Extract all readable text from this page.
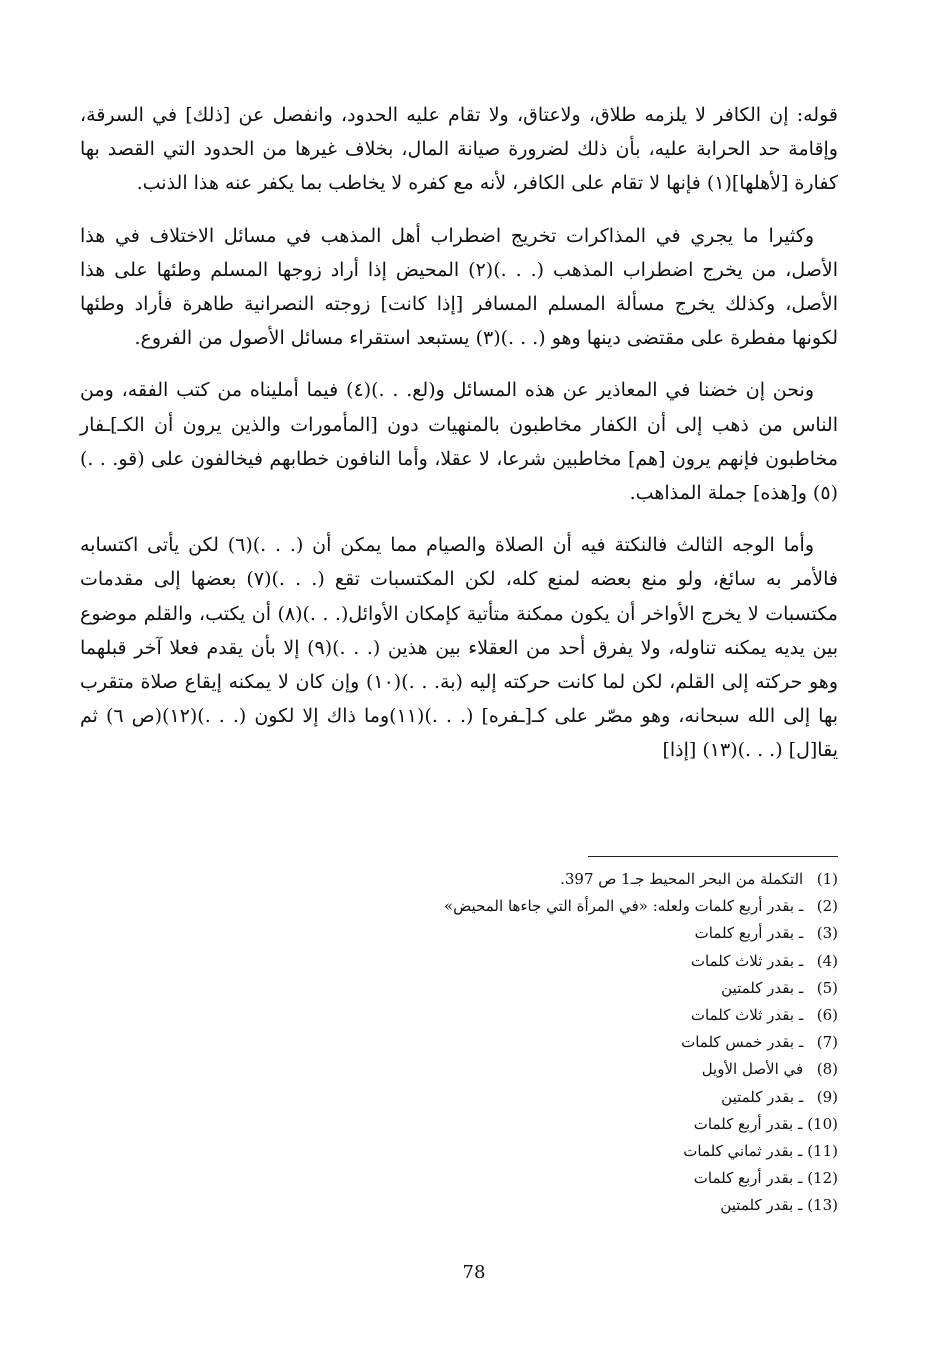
قوله: إن الكافر لا يلزمه طلاق، ولاعتاق، ولا تقام عليه الحدود، وانفصل عن [ذلك] في السرقة، وإقامة حد الحرابة عليه، بأن ذلك لضرورة صيانة المال، بخلاف غيرها من الحدود التي القصد بها كفارة [لأهلها](١) فإنها لا تقام على الكافر، لأنه مع كفره لا يخاطب بما يكفر عنه هذا الذنب.

وكثيرا ما يجري في المذاكرات تخريج اضطراب أهل المذهب في مسائل الاختلاف في هذا الأصل، من يخرج اضطراب المذهب (. . .)(٢) المحيض إذا أراد زوجها المسلم وطئها على هذا الأصل، وكذلك يخرج مسألة المسلم المسافر [إذا كانت] زوجته النصرانية طاهرة فأراد وطئها لكونها مفطرة على مقتضى دينها وهو (. . .)(٣) يستبعد استقراء مسائل الأصول من الفروع.

ونحن إن خضنا في المعاذير عن هذه المسائل و(لع. . .)(٤) فيما أمليناه من كتب الفقه، ومن الناس من ذهب إلى أن الكفار مخاطبون بالمنهيات دون [المأمورات والذين يرون أن الكـ]ـفار مخاطبون فإنهم يرون [هم] مخاطبين شرعا، لا عقلا، وأما النافون خطابهم فيخالفون على (قو. . .) (٥) و[هذه] جملة المذاهب.

وأما الوجه الثالث فالنكتة فيه أن الصلاة والصيام مما يمكن أن (. . .)(٦) لكن يأتى اكتسابه فالأمر به سائغ، ولو منع بعضه لمنع كله، لكن المكتسبات تقع (. . .)(٧) بعضها إلى مقدمات مكتسبات لا يخرج الأواخر أن يكون ممكنة متأتية كإمكان الأوائل(. . .)(٨) أن يكتب، والقلم موضوع بين يديه يمكنه تناوله، ولا يفرق أحد من العقلاء بين هذين (. . .)(٩) إلا بأن يقدم فعلا آخر قبلهما وهو حركته إلى القلم، لكن لما كانت حركته إليه (بة. . .)(١٠) وإن كان لا يمكنه إيقاع صلاة متقرب بها إلى الله سبحانه، وهو مصّر على كـ[ـفره] (. . .)(١١)وما ذاك إلا لكون (. . .)(١٢)(ص ٦) ثم يقا[ل] (. . .)(١٣) [إذا]

(1) التكملة من البحر المحيط جـ1 ص 397.
(2) ـ بقدر أربع كلمات ولعله: «في المرأة التي جاءها المحيض»
(3) ـ بقدر أربع كلمات
(4) ـ بقدر ثلاث كلمات
(5) ـ بقدر كلمتين
(6) ـ بقدر ثلاث كلمات
(7) ـ بقدر خمس كلمات
(8) في الأصل الأويل
(9) ـ بقدر كلمتين
(10) ـ بقدر أربع كلمات
(11) ـ بقدر ثماني كلمات
(12) ـ بقدر أربع كلمات
(13) ـ بقدر كلمتين
78
